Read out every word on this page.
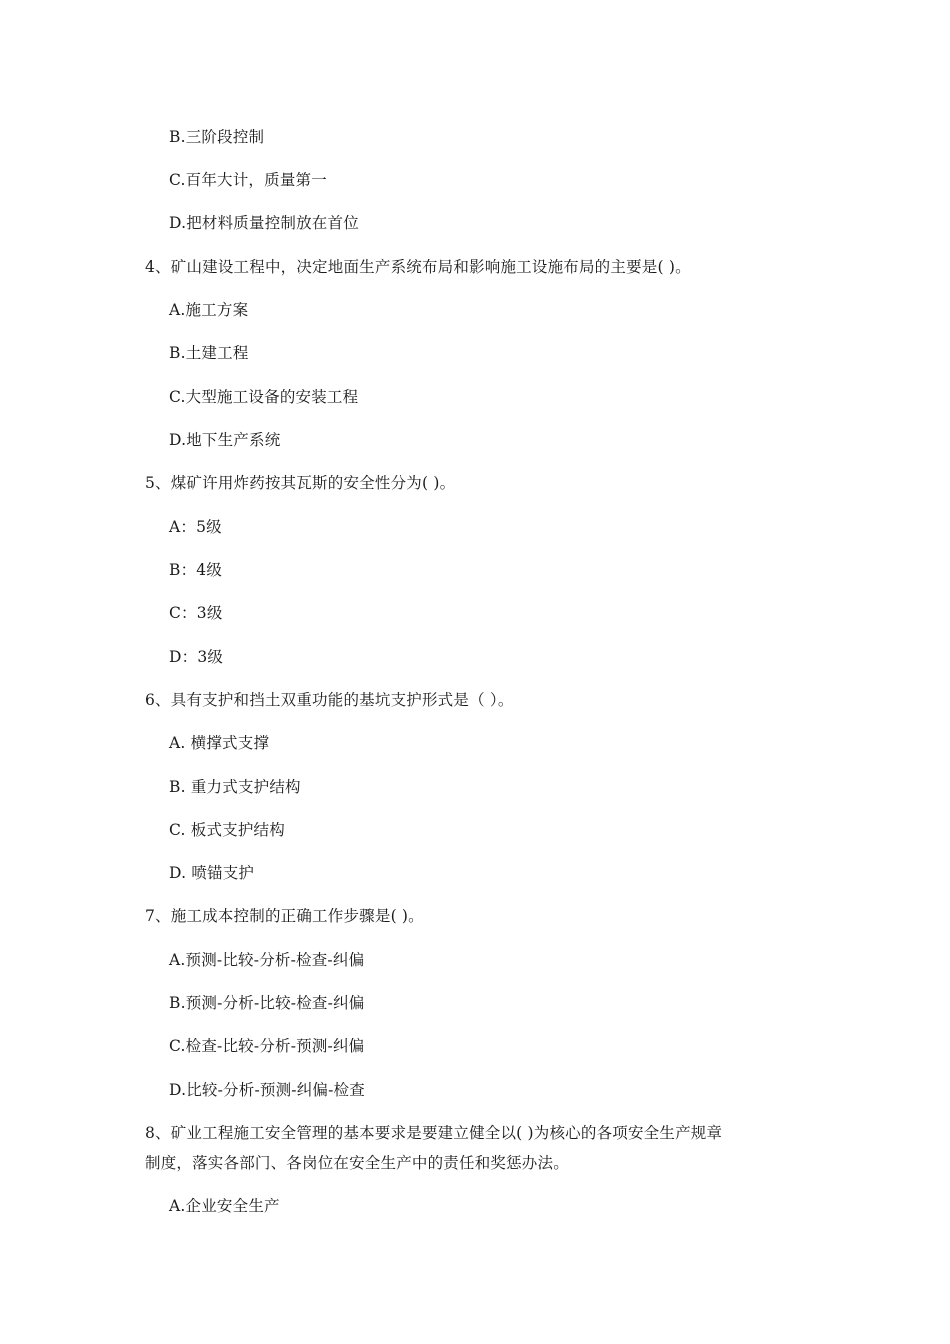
B.三阶段控制
C.百年大计，质量第一
D.把材料质量控制放在首位
4、矿山建设工程中，决定地面生产系统布局和影响施工设施布局的主要是( )。
A.施工方案
B.土建工程
C.大型施工设备的安装工程
D.地下生产系统
5、煤矿许用炸药按其瓦斯的安全性分为( )。
A：5级
B：4级
C：3级
D：3级
6、具有支护和挡土双重功能的基坑支护形式是（ ）。
A. 横撑式支撑
B. 重力式支护结构
C. 板式支护结构
D. 喷锚支护
7、施工成本控制的正确工作步骤是( )。
A.预测-比较-分析-检查-纠偏
B.预测-分析-比较-检查-纠偏
C.检查-比较-分析-预测-纠偏
D.比较-分析-预测-纠偏-检查
8、矿业工程施工安全管理的基本要求是要建立健全以( )为核心的各项安全生产规章
制度，落实各部门、各岗位在安全生产中的责任和奖惩办法。
A.企业安全生产
